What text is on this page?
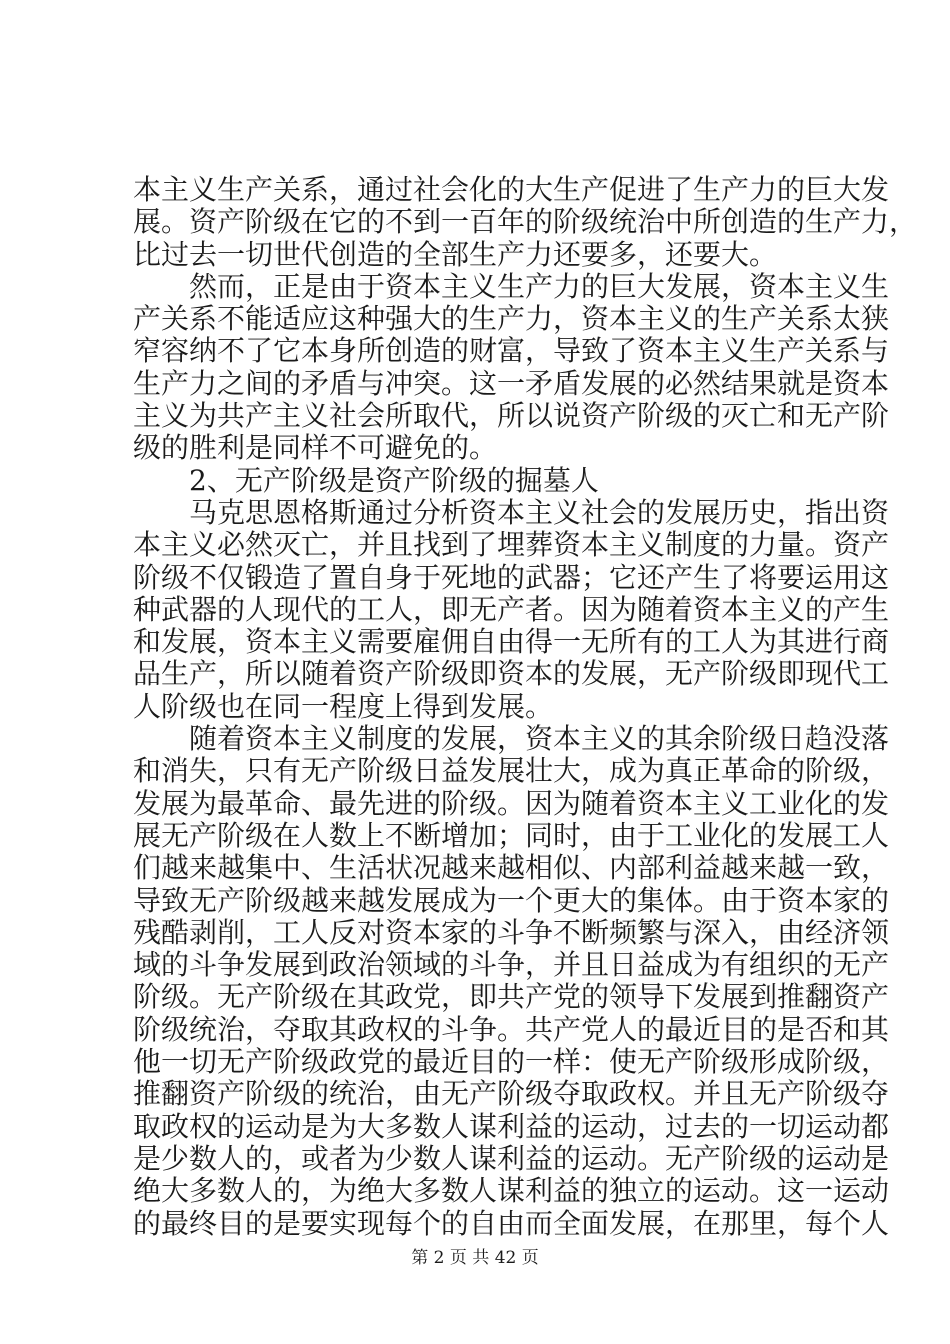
本主义生产关系，通过社会化的大生产促进了生产力的巨大发
展。资产阶级在它的不到一百年的阶级统治中所创造的生产力，
比过去一切世代创造的全部生产力还要多，还要大。
然而，正是由于资本主义生产力的巨大发展，资本主义生
产关系不能适应这种强大的生产力，资本主义的生产关系太狭
窄容纳不了它本身所创造的财富，导致了资本主义生产关系与
生产力之间的矛盾与冲突。这一矛盾发展的必然结果就是资本
主义为共产主义社会所取代，所以说资产阶级的灭亡和无产阶
级的胜利是同样不可避免的。
2、无产阶级是资产阶级的掘墓人
马克思恩格斯通过分析资本主义社会的发展历史，指出资
本主义必然灭亡，并且找到了埋葬资本主义制度的力量。资产
阶级不仅锻造了置自身于死地的武器；它还产生了将要运用这
种武器的人现代的工人，即无产者。因为随着资本主义的产生
和发展，资本主义需要雇佣自由得一无所有的工人为其进行商
品生产，所以随着资产阶级即资本的发展，无产阶级即现代工
人阶级也在同一程度上得到发展。
随着资本主义制度的发展，资本主义的其余阶级日趋没落
和消失，只有无产阶级日益发展壮大，成为真正革命的阶级，
发展为最革命、最先进的阶级。因为随着资本主义工业化的发
展无产阶级在人数上不断增加；同时，由于工业化的发展工人
们越来越集中、生活状况越来越相似、内部利益越来越一致，
导致无产阶级越来越发展成为一个更大的集体。由于资本家的
残酷剥削，工人反对资本家的斗争不断频繁与深入，由经济领
域的斗争发展到政治领域的斗争，并且日益成为有组织的无产
阶级。无产阶级在其政党，即共产党的领导下发展到推翻资产
阶级统治，夺取其政权的斗争。共产党人的最近目的是否和其
他一切无产阶级政党的最近目的一样：使无产阶级形成阶级，
推翻资产阶级的统治，由无产阶级夺取政权。并且无产阶级夺
取政权的运动是为大多数人谋利益的运动，过去的一切运动都
是少数人的，或者为少数人谋利益的运动。无产阶级的运动是
绝大多数人的，为绝大多数人谋利益的独立的运动。这一运动
的最终目的是要实现每个的自由而全面发展，在那里，每个人
第 2 页 共 42 页
